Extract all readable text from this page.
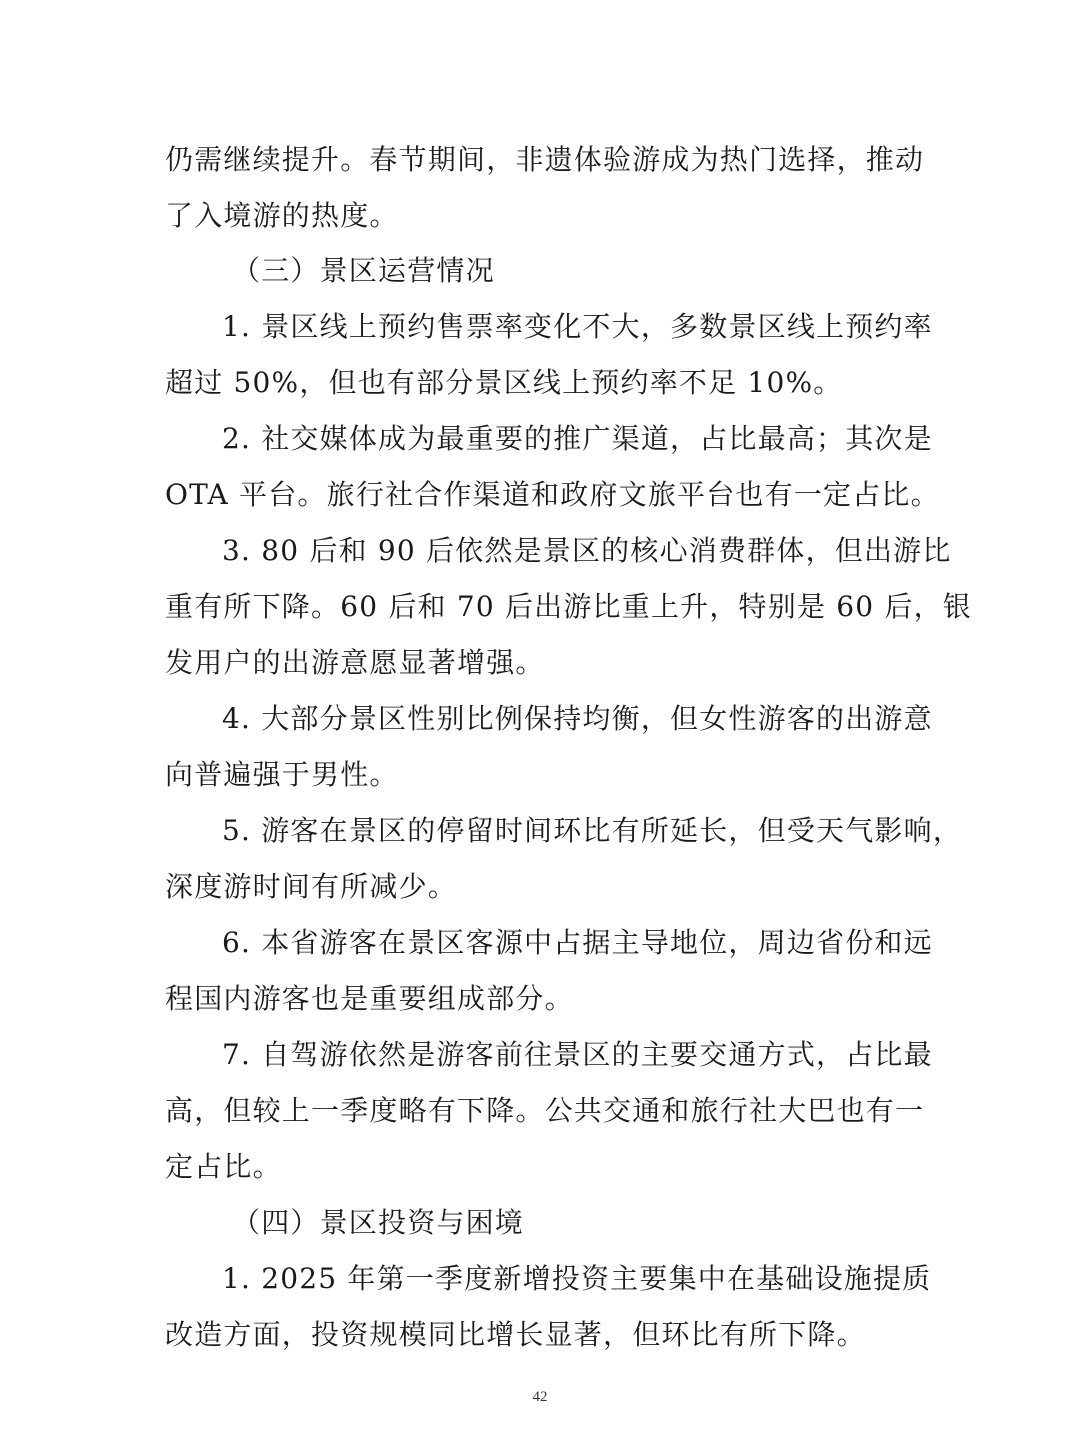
仍需继续提升。春节期间，非遗体验游成为热门选择，推动
了入境游的热度。
（三）景区运营情况
1. 景区线上预约售票率变化不大，多数景区线上预约率
超过 50%，但也有部分景区线上预约率不足 10%。
2. 社交媒体成为最重要的推广渠道，占比最高；其次是
OTA 平台。旅行社合作渠道和政府文旅平台也有一定占比。
3. 80 后和 90 后依然是景区的核心消费群体，但出游比
重有所下降。60 后和 70 后出游比重上升，特别是 60 后，银
发用户的出游意愿显著增强。
4. 大部分景区性别比例保持均衡，但女性游客的出游意
向普遍强于男性。
5. 游客在景区的停留时间环比有所延长，但受天气影响，
深度游时间有所减少。
6. 本省游客在景区客源中占据主导地位，周边省份和远
程国内游客也是重要组成部分。
7. 自驾游依然是游客前往景区的主要交通方式，占比最
高，但较上一季度略有下降。公共交通和旅行社大巴也有一
定占比。
（四）景区投资与困境
1. 2025 年第一季度新增投资主要集中在基础设施提质
改造方面，投资规模同比增长显著，但环比有所下降。
42
